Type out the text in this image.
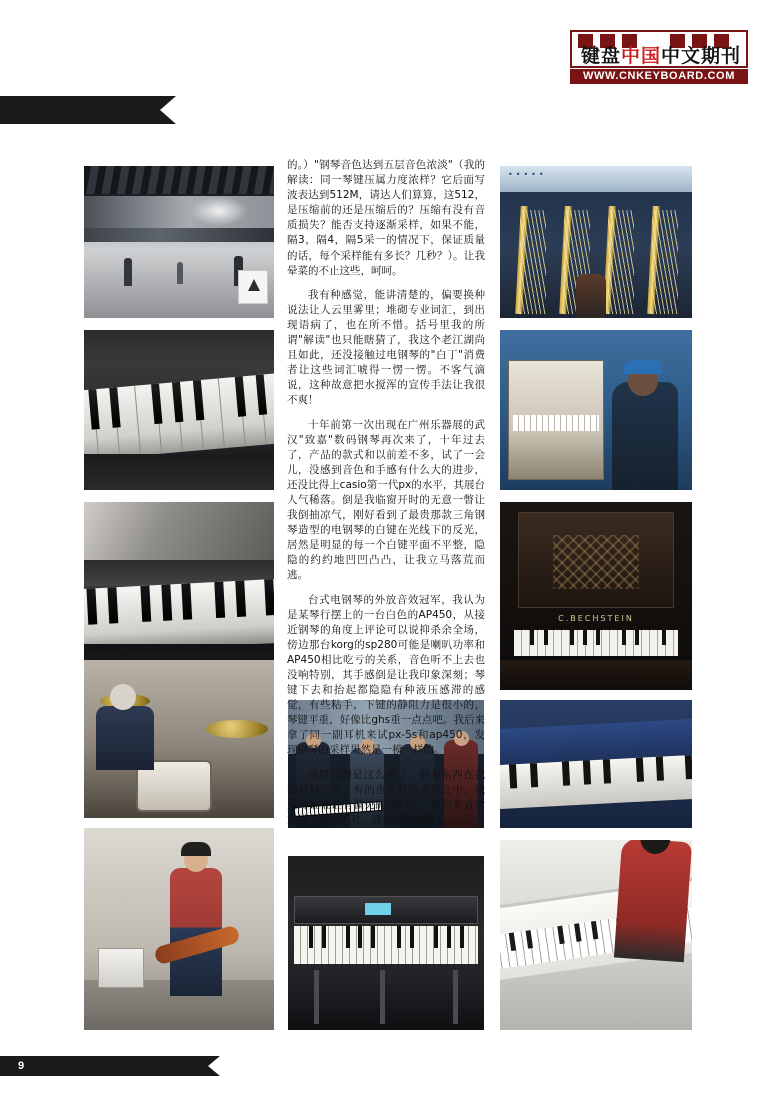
键盘中国中文期刊
WWW.CNKEYBOARD.COM
资讯
•••••
C.BECHSTEIN

的。）"钢琴音色达到五层音色浓淡"（我的解读：同一琴键压属力度浓样？它后面写波表达到512M，请达人们算算，这512，是压缩前的还是压缩后的？压缩有没有音质损失？能否支持逐渐采样，如果不能，隔3，隔4，隔5采一的情况下，保证质量的话，每个采样能有多长？几秒？）。让我晕菜的不止这些，呵呵。

我有种感觉，能讲清楚的，偏要换种说法让人云里雾里；堆砌专业词汇，到出现语病了，也在所不惜。括号里我的所谓"解读"也只能瞎猜了，我这个老江湖尚且如此，还没接触过电钢琴的"白丁"消费者让这些词汇唬得一愣一愣。不客气滴说，这种故意把水搅浑的宣传手法让我很不爽！

十年前第一次出现在广州乐器展的武汉"致嘉"数码钢琴再次来了，十年过去了，产品的款式和以前差不多，试了一会儿，没感到音色和手感有什么大的进步，还没比得上casio第一代px的水平，其展台人气稀落。倒是我临窗开时的无意一瞥让我倒抽凉气，刚好看到了最贵那款三角钢琴造型的电钢琴的白键在光线下的反光，居然是明显的每一个白键平面不平整，隐隐的约约地凹凹凸凸，让我立马落荒而逃。

台式电钢琴的外放音效冠军，我认为是某琴行摆上的一台白色的AP450，从接近钢琴的角度上评论可以说抑杀余全场，傍边那台korg的sp280可能是喇叭功率和AP450相比吃亏的关系，音色听不上去也没响特别，其手感倒是让我印象深刻；琴键下去和抬起都隐隐有种液压感滞的感觉，有些粘手，下键的静阻力是很小的，琴键平重，好像比ghs重一点点吧。我后来拿了同一副耳机来试px-5s和ap450，发现钢琴的采样果然是一模一样的。

值得写的是这么多了，很多东西在我的意料之外、有的也在我的意料之中。我是对谁谁谁有偏见的"毒舌"，我向来直话直说，说的不对，请各位斟酌雅正。

9
